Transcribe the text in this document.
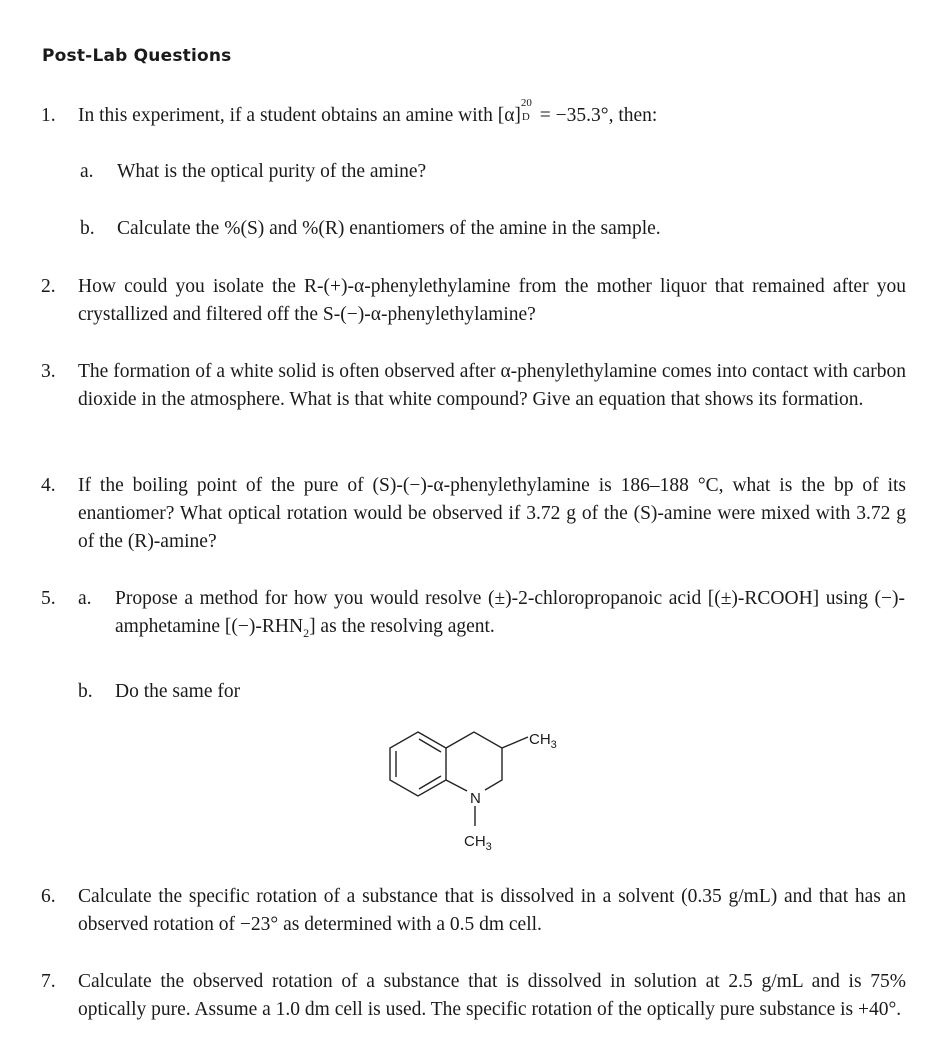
Post-Lab Questions
1.	In this experiment, if a student obtains an amine with [α]
20
D = −35.3°, then:
a.	What is the optical purity of the amine?
b.	Calculate the %(S) and %(R) enantiomers of the amine in the sample.
2.	How could you isolate the R-(+)-α-phenylethylamine from the mother liquor that remained after you crystallized and filtered off the S-(−)-α-phenylethylamine?
3.	The formation of a white solid is often observed after α-phenylethylamine comes into contact with carbon dioxide in the atmosphere. What is that white compound? Give an equation that shows its formation.
4.	If the boiling point of the pure of (S)-(−)-α-phenylethylamine is 186–188 °C, what is the bp of its enantiomer? What optical rotation would be observed if 3.72 g of the (S)-amine were mixed with 3.72 g of the (R)-amine?
5.	a.	Propose a method for how you would resolve (±)-2-chloropropanoic acid [(±)-RCOOH] using (−)-amphetamine $[(-)-RHN_2]$ as the resolving agent.
b.	Do the same for
$CH_3$
N
$CH_3$
6.	Calculate the specific rotation of a substance that is dissolved in a solvent (0.35 g/mL) and that has an observed rotation of −23° as determined with a 0.5 dm cell.
7.	Calculate the observed rotation of a substance that is dissolved in solution at 2.5 g/mL and is 75% optically pure. Assume a 1.0 dm cell is used. The specific rotation of the optically pure substance is +40°.
